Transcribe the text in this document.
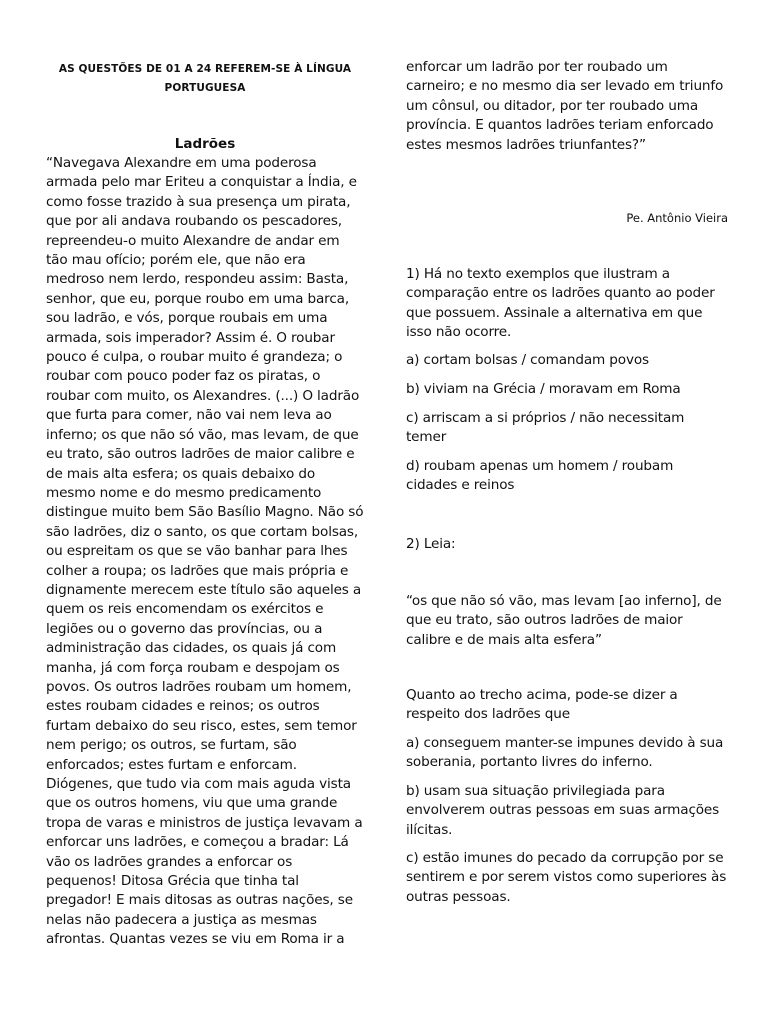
AS QUESTÕES DE 01 A 24 REFEREM-SE À LÍNGUA PORTUGUESA
Ladrões

“Navegava Alexandre em uma poderosa armada pelo mar Eriteu a conquistar a Índia, e como fosse trazido à sua presença um pirata, que por ali andava roubando os pescadores, repreendeu-o muito Alexandre de andar em tão mau ofício; porém ele, que não era medroso nem lerdo, respondeu assim: Basta, senhor, que eu, porque roubo em uma barca, sou ladrão, e vós, porque roubais em uma armada, sois imperador? Assim é. O roubar pouco é culpa, o roubar muito é grandeza; o roubar com pouco poder faz os piratas, o roubar com muito, os Alexandres. (...) O ladrão que furta para comer, não vai nem leva ao inferno; os que não só vão, mas levam, de que eu trato, são outros ladrões de maior calibre e de mais alta esfera; os quais debaixo do mesmo nome e do mesmo predicamento distingue muito bem São Basílio Magno. Não só são ladrões, diz o santo, os que cortam bolsas, ou espreitam os que se vão banhar para lhes colher a roupa; os ladrões que mais própria e dignamente merecem este título são aqueles a quem os reis encomendam os exércitos e legiões ou o governo das províncias, ou a administração das cidades, os quais já com manha, já com força roubam e despojam os povos. Os outros ladrões roubam um homem, estes roubam cidades e reinos; os outros furtam debaixo do seu risco, estes, sem temor nem perigo; os outros, se furtam, são enforcados; estes furtam e enforcam. Diógenes, que tudo via com mais aguda vista que os outros homens, viu que uma grande tropa de varas e ministros de justiça levavam a enforcar uns ladrões, e começou a bradar: Lá vão os ladrões grandes a enforcar os pequenos! Ditosa Grécia que tinha tal pregador! E mais ditosas as outras nações, se nelas não padecera a justiça as mesmas afrontas. Quantas vezes se viu em Roma ir a

enforcar um ladrão por ter roubado um carneiro; e no mesmo dia ser levado em triunfo um cônsul, ou ditador, por ter roubado uma província. E quantos ladrões teriam enforcado estes mesmos ladrões triunfantes?”

Pe. Antônio Vieira

1) Há no texto exemplos que ilustram a comparação entre os ladrões quanto ao poder que possuem. Assinale a alternativa em que isso não ocorre.

a) cortam bolsas / comandam povos

b) viviam na Grécia / moravam em Roma

c) arriscam a si próprios / não necessitam temer

d) roubam apenas um homem / roubam cidades e reinos

2) Leia:

“os que não só vão, mas levam [ao inferno], de que eu trato, são outros ladrões de maior calibre e de mais alta esfera”

Quanto ao trecho acima, pode-se dizer a respeito dos ladrões que

a) conseguem manter-se impunes devido à sua soberania, portanto livres do inferno.

b) usam sua situação privilegiada para envolverem outras pessoas em suas armações ilícitas.

c) estão imunes do pecado da corrupção por se sentirem e por serem vistos como superiores às outras pessoas.
